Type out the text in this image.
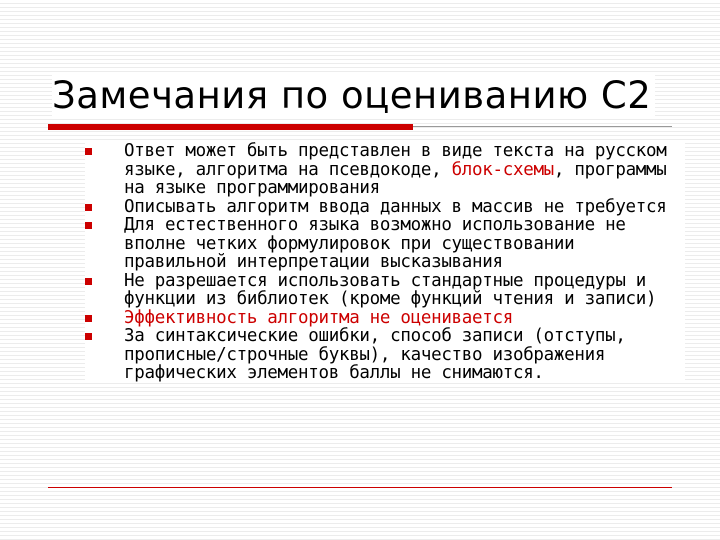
Замечания по оцениванию С2
Ответ может быть представлен в виде текста на русском языке, алгоритма на псевдокоде, блок-схемы, программы на языке программирования
Описывать алгоритм ввода данных в массив не требуется
Для естественного языка возможно использование не вполне четких формулировок при существовании правильной интерпретации высказывания
Не разрешается использовать стандартные процедуры и функции из библиотек (кроме функций чтения и записи)
Эффективность алгоритма не оценивается
За синтаксические ошибки, способ записи (отступы, прописные/строчные буквы), качество изображения графических элементов баллы не снимаются.
